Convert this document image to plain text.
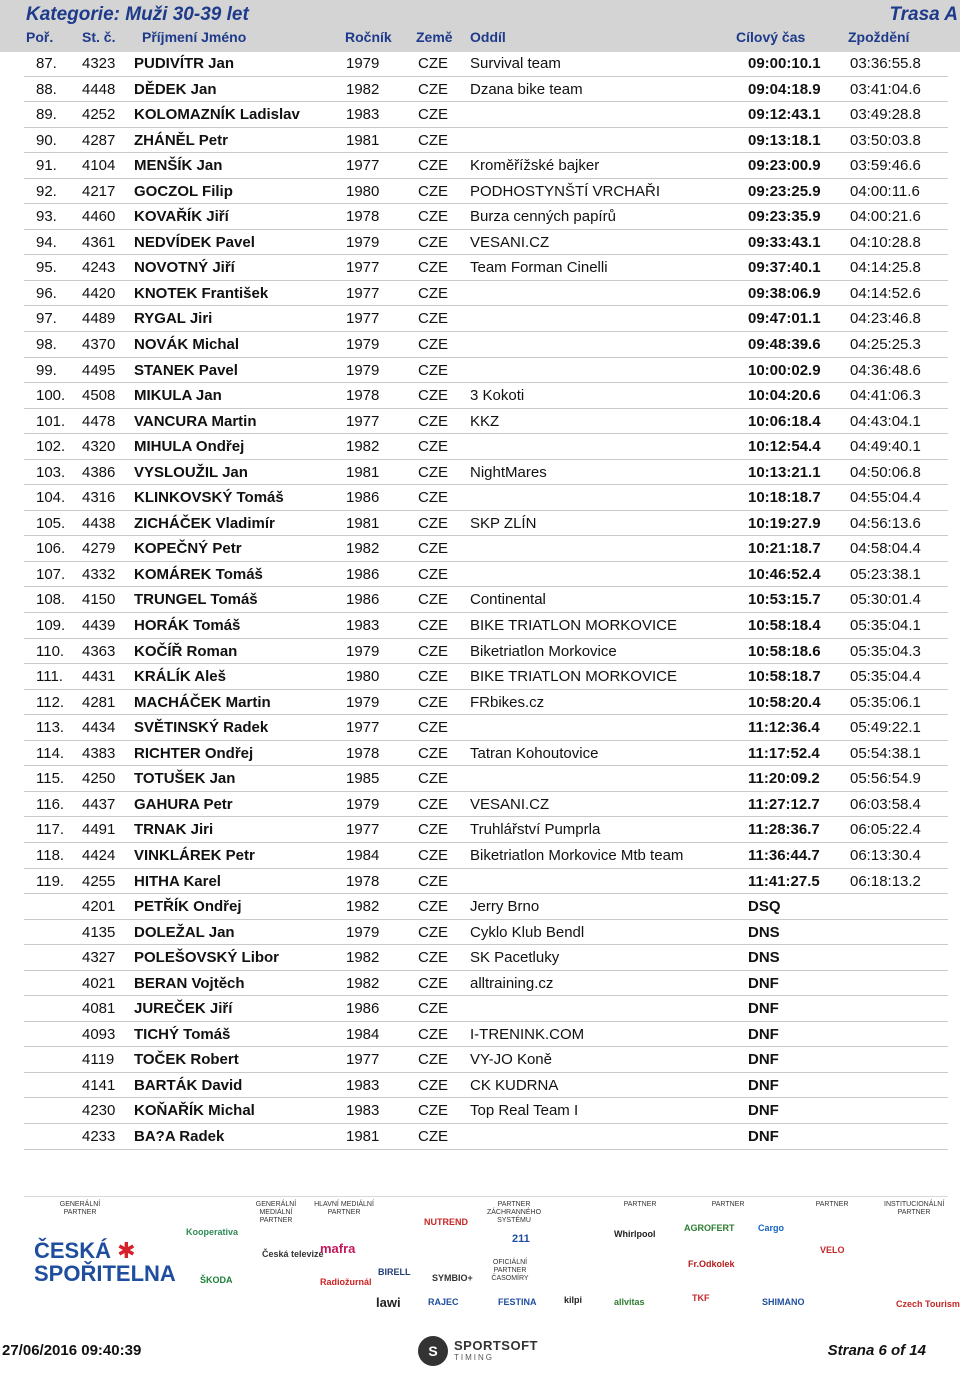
Kategorie: Muži 30-39 let	Trasa A
Poř. St. č. Příjmení Jméno	Ročník Země Oddíl	Cílový čas	Zpoždění
87. 4323 PUDIVÍTR Jan	1979	CZE Survival team	09:00:10.1 03:36:55.8
88. 4448 DĚDEK Jan	1982	CZE Dzana bike team	09:04:18.9 03:41:04.6
89. 4252 KOLOMAZNÍK Ladislav	1983	CZE	09:12:43.1 03:49:28.8
90. 4287 ZHÁNĚL Petr	1981	CZE	09:13:18.1 03:50:03.8
91. 4104 MENŠÍK Jan	1977	CZE Kroměřížské bajker	09:23:00.9 03:59:46.6
92. 4217 GOCZOL Filip	1980	CZE PODHOSTYNŠTÍ VRCHAŘI	09:23:25.9 04:00:11.6
93. 4460 KOVAŘÍK Jiří	1978	CZE Burza cenných papírů	09:23:35.9 04:00:21.6
94. 4361 NEDVÍDEK Pavel	1979	CZE VESANI.CZ	09:33:43.1 04:10:28.8
95. 4243 NOVOTNÝ Jiří	1977	CZE Team Forman Cinelli	09:37:40.1 04:14:25.8
96. 4420 KNOTEK František	1977	CZE	09:38:06.9 04:14:52.6
97. 4489 RYGAL Jiri	1977	CZE	09:47:01.1 04:23:46.8
98. 4370 NOVÁK Michal	1979	CZE	09:48:39.6 04:25:25.3
99. 4495 STANEK Pavel	1979	CZE	10:00:02.9 04:36:48.6
100. 4508 MIKULA Jan	1978	CZE 3 Kokoti	10:04:20.6 04:41:06.3
101. 4478 VANCURA Martin	1977	CZE KKZ	10:06:18.4 04:43:04.1
102. 4320 MIHULA Ondřej	1982	CZE	10:12:54.4 04:49:40.1
103. 4386 VYSLOUŽIL Jan	1981	CZE NightMares	10:13:21.1 04:50:06.8
104. 4316 KLINKOVSKÝ Tomáš	1986	CZE	10:18:18.7 04:55:04.4
105. 4438 ZICHÁČEK Vladimír	1981	CZE SKP ZLÍN	10:19:27.9 04:56:13.6
106. 4279 KOPEČNÝ Petr	1982	CZE	10:21:18.7 04:58:04.4
107. 4332 KOMÁREK Tomáš	1986	CZE	10:46:52.4 05:23:38.1
108. 4150 TRUNGEL Tomáš	1986	CZE Continental	10:53:15.7 05:30:01.4
109. 4439 HORÁK Tomáš	1983	CZE BIKE TRIATLON MORKOVICE	10:58:18.4 05:35:04.1
110. 4363 KOČÍŘ Roman	1979	CZE Biketriatlon Morkovice	10:58:18.6 05:35:04.3
111. 4431 KRÁLÍK Aleš	1980	CZE BIKE TRIATLON MORKOVICE	10:58:18.7 05:35:04.4
112. 4281 MACHÁČEK Martin	1979	CZE FRbikes.cz	10:58:20.4 05:35:06.1
113. 4434 SVĚTINSKÝ Radek	1977	CZE	11:12:36.4 05:49:22.1
114. 4383 RICHTER Ondřej	1978	CZE Tatran Kohoutovice	11:17:52.4 05:54:38.1
115. 4250 TOTUŠEK Jan	1985	CZE	11:20:09.2 05:56:54.9
116. 4437 GAHURA Petr	1979	CZE VESANI.CZ	11:27:12.7 06:03:58.4
117. 4491 TRNAK Jiri	1977	CZE Truhlářství Pumprla	11:28:36.7 06:05:22.4
118. 4424 VINKLÁREK Petr	1984	CZE Biketriatlon Morkovice Mtb team	11:36:44.7 06:13:30.4
119. 4255 HITHA Karel	1978	CZE	11:41:27.5 06:18:13.2
4201 PETŘÍK Ondřej	1982	CZE Jerry Brno	DSQ
4135 DOLEŽAL Jan	1979	CZE Cyklo Klub Bendl	DNS
4327 POLEŠOVSKÝ Libor	1982	CZE SK Pacetluky	DNS
4021 BERAN Vojtěch	1982	CZE alltraining.cz	DNF
4081 JUREČEK Jiří	1986	CZE	DNF
4093 TICHÝ Tomáš	1984	CZE I-TRENINK.COM	DNF
4119 TOČEK Robert	1977	CZE VY-JO Koně	DNF
4141 BARTÁK David	1983	CZE CK KUDRNA	DNF
4230 KOŇAŘÍK Michal	1983	CZE Top Real Team I	DNF
4233 BA?A Radek	1981	CZE	DNF
GENERÁLNÍ PARTNER
GENERÁLNÍ MEDIÁLNÍ PARTNER
HLAVNÍ MEDIÁLNÍ PARTNER
PARTNER ZÁCHRANNÉHO SYSTÉMU
PARTNER	PARTNER	PARTNER	INSTITUCIONÁLNÍ PARTNER
ČESKÁ ✱
SPOŘITELNA
Kooperativa
ŠKODA
Česká televize
mafra
Radiožurnál
lawi
BIRELL
SYMBIO+
RAJEC
NUTREND
211
OFICIÁLNÍ PARTNER ČASOMÍRY
FESTINA	kilpi
Whirlpool
allvitas
AGROFERT	Cargo
Fr.Odkolek
TKF
VELO
SHIMANO	Czech Tourism
27/06/2016 09:40:39	S	SPORTSOFT
TIMING	Strana 6 of 14
